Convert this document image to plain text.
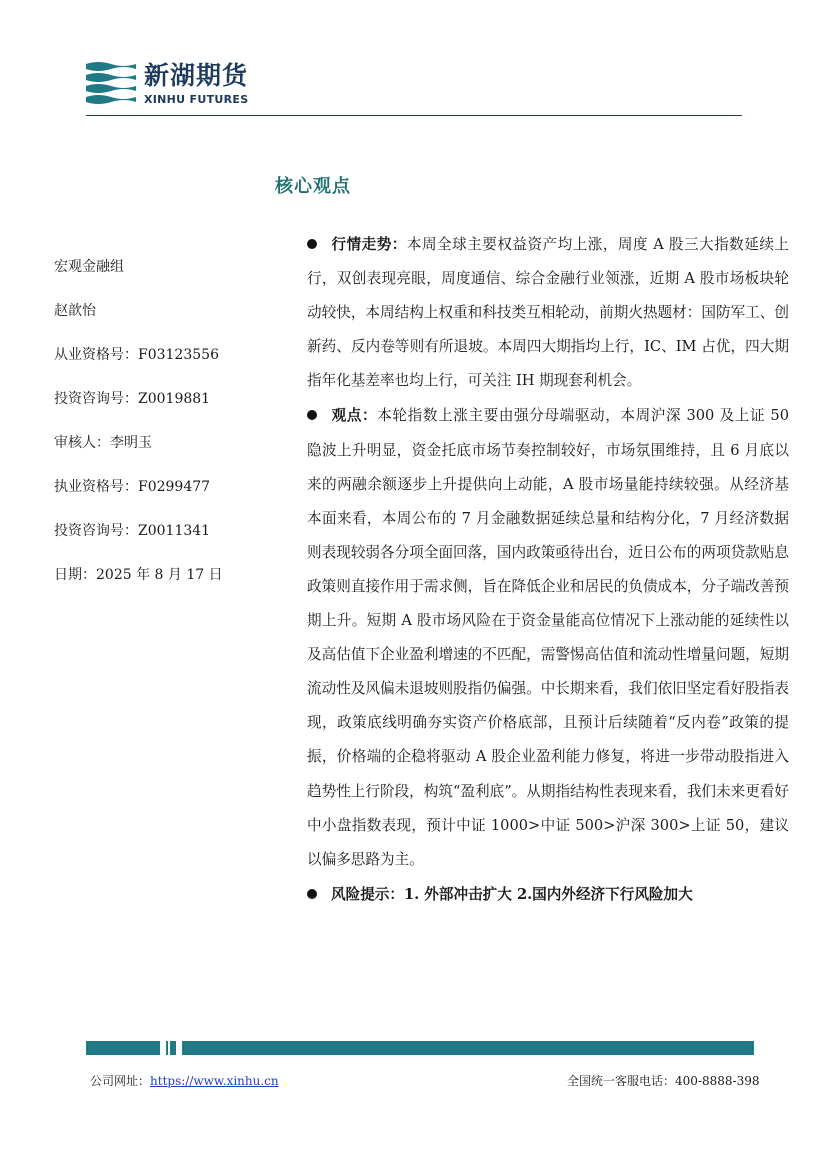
新湖期货
XINHU FUTURES
核心观点
宏观金融组
赵歆怡
从业资格号：F03123556
投资咨询号：Z0019881
审核人：李明玉
执业资格号：F0299477
投资咨询号：Z0011341
日期：2025 年 8 月 17 日

行情走势：本周全球主要权益资产均上涨，周度 A 股三大指数延续上行，双创表现亮眼，周度通信、综合金融行业领涨，近期 A 股市场板块轮动较快，本周结构上权重和科技类互相轮动，前期火热题材：国防军工、创新药、反内卷等则有所退坡。本周四大期指均上行，IC、IM 占优，四大期指年化基差率也均上行，可关注 IH 期现套利机会。

观点：本轮指数上涨主要由强分母端驱动，本周沪深 300 及上证 50 隐波上升明显，资金托底市场节奏控制较好，市场氛围维持，且 6 月底以来的两融余额逐步上升提供向上动能，A 股市场量能持续较强。从经济基本面来看，本周公布的 7 月金融数据延续总量和结构分化，7 月经济数据则表现较弱各分项全面回落，国内政策亟待出台，近日公布的两项贷款贴息政策则直接作用于需求侧，旨在降低企业和居民的负债成本，分子端改善预期上升。短期 A 股市场风险在于资金量能高位情况下上涨动能的延续性以及高估值下企业盈利增速的不匹配，需警惕高估值和流动性增量问题，短期流动性及风偏未退坡则股指仍偏强。中长期来看，我们依旧坚定看好股指表现，政策底线明确夯实资产价格底部，且预计后续随着“反内卷”政策的提振，价格端的企稳将驱动 A 股企业盈利能力修复，将进一步带动股指进入趋势性上行阶段，构筑“盈利底”。从期指结构性表现来看，我们未来更看好中小盘指数表现，预计中证 1000>中证 500>沪深 300>上证 50，建议以偏多思路为主。

风险提示：1. 外部冲击扩大 2.国内外经济下行风险加大

公司网址：https://www.xinhu.cn	全国统一客服电话：400-8888-398
